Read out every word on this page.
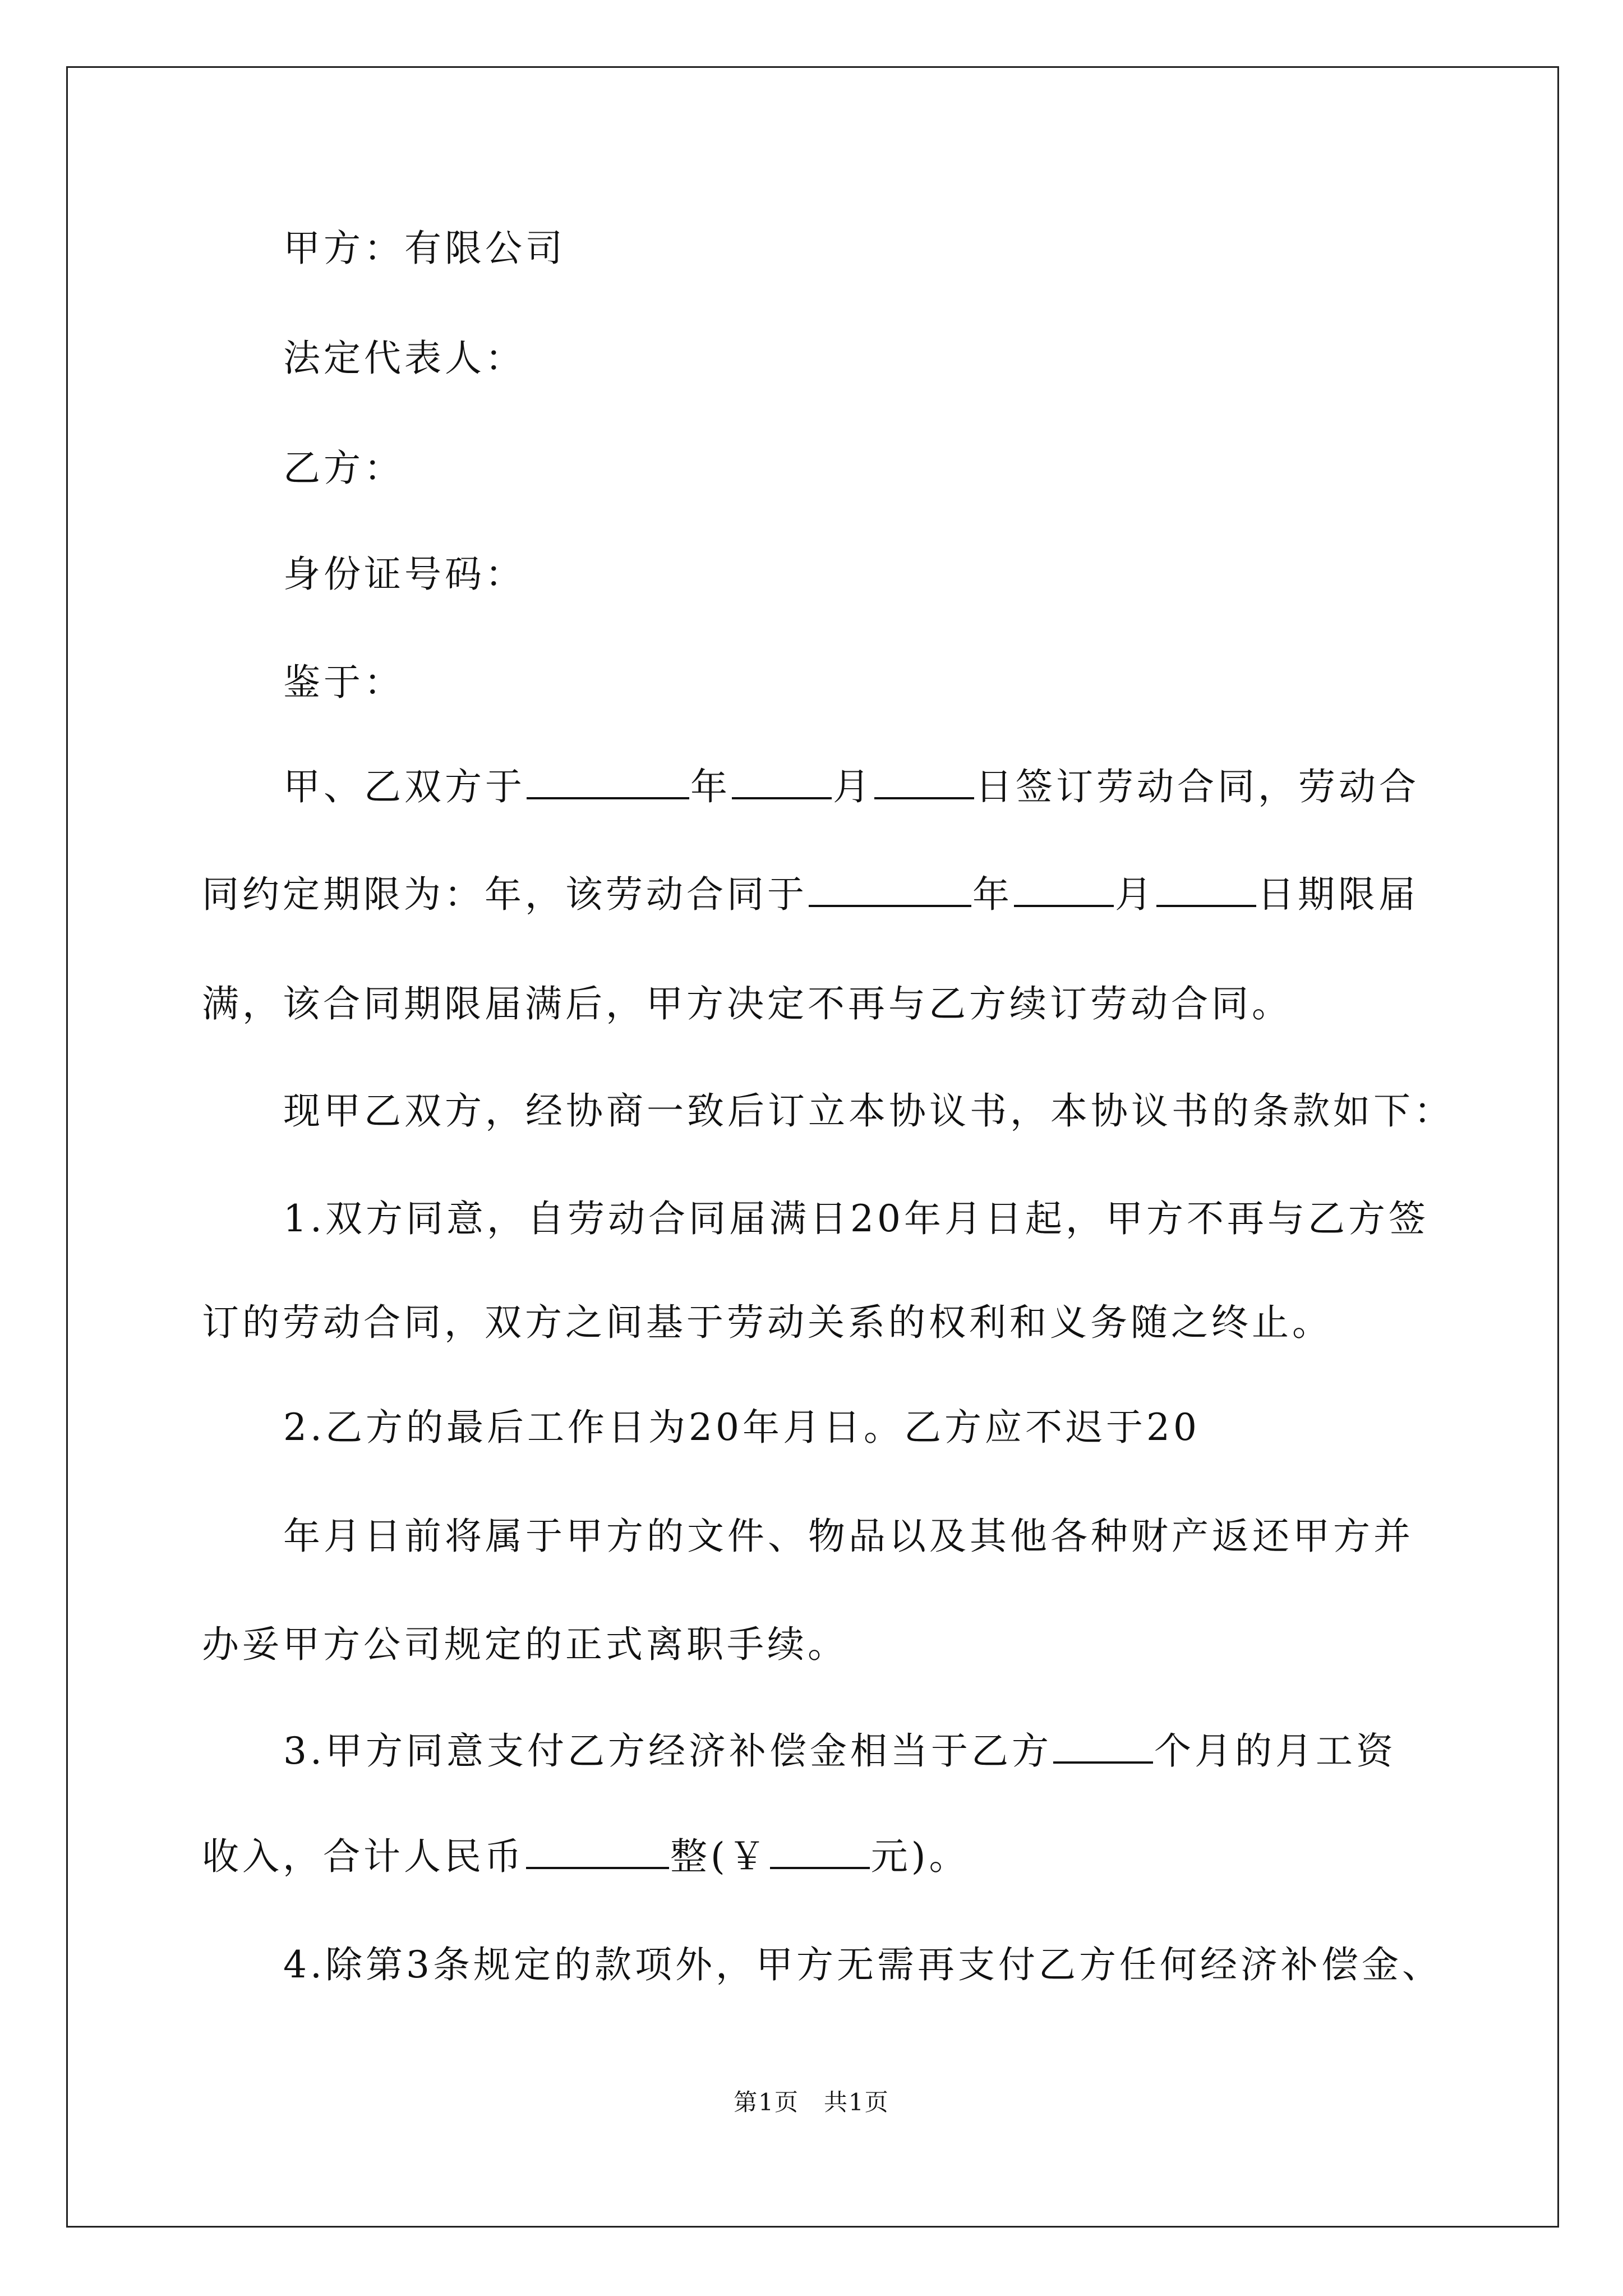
甲方：有限公司

法定代表人：

乙方：

身份证号码：

鉴于：

甲、乙双方于	年	月	日签订劳动合同，劳动合

同约定期限为：年，该劳动合同于	年	月	日期限届

满，该合同期限届满后，甲方决定不再与乙方续订劳动合同。

现甲乙双方，经协商一致后订立本协议书，本协议书的条款如下：

1.双方同意，自劳动合同届满日20年月日起，甲方不再与乙方签

订的劳动合同，双方之间基于劳动关系的权利和义务随之终止。

2.乙方的最后工作日为20年月日。乙方应不迟于20

年月日前将属于甲方的文件、物品以及其他各种财产返还甲方并

办妥甲方公司规定的正式离职手续。

3.甲方同意支付乙方经济补偿金相当于乙方	个月的月工资

收入，合计人民币	整(￥	元)。

4.除第3条规定的款项外，甲方无需再支付乙方任何经济补偿金、

第1页　共1页
